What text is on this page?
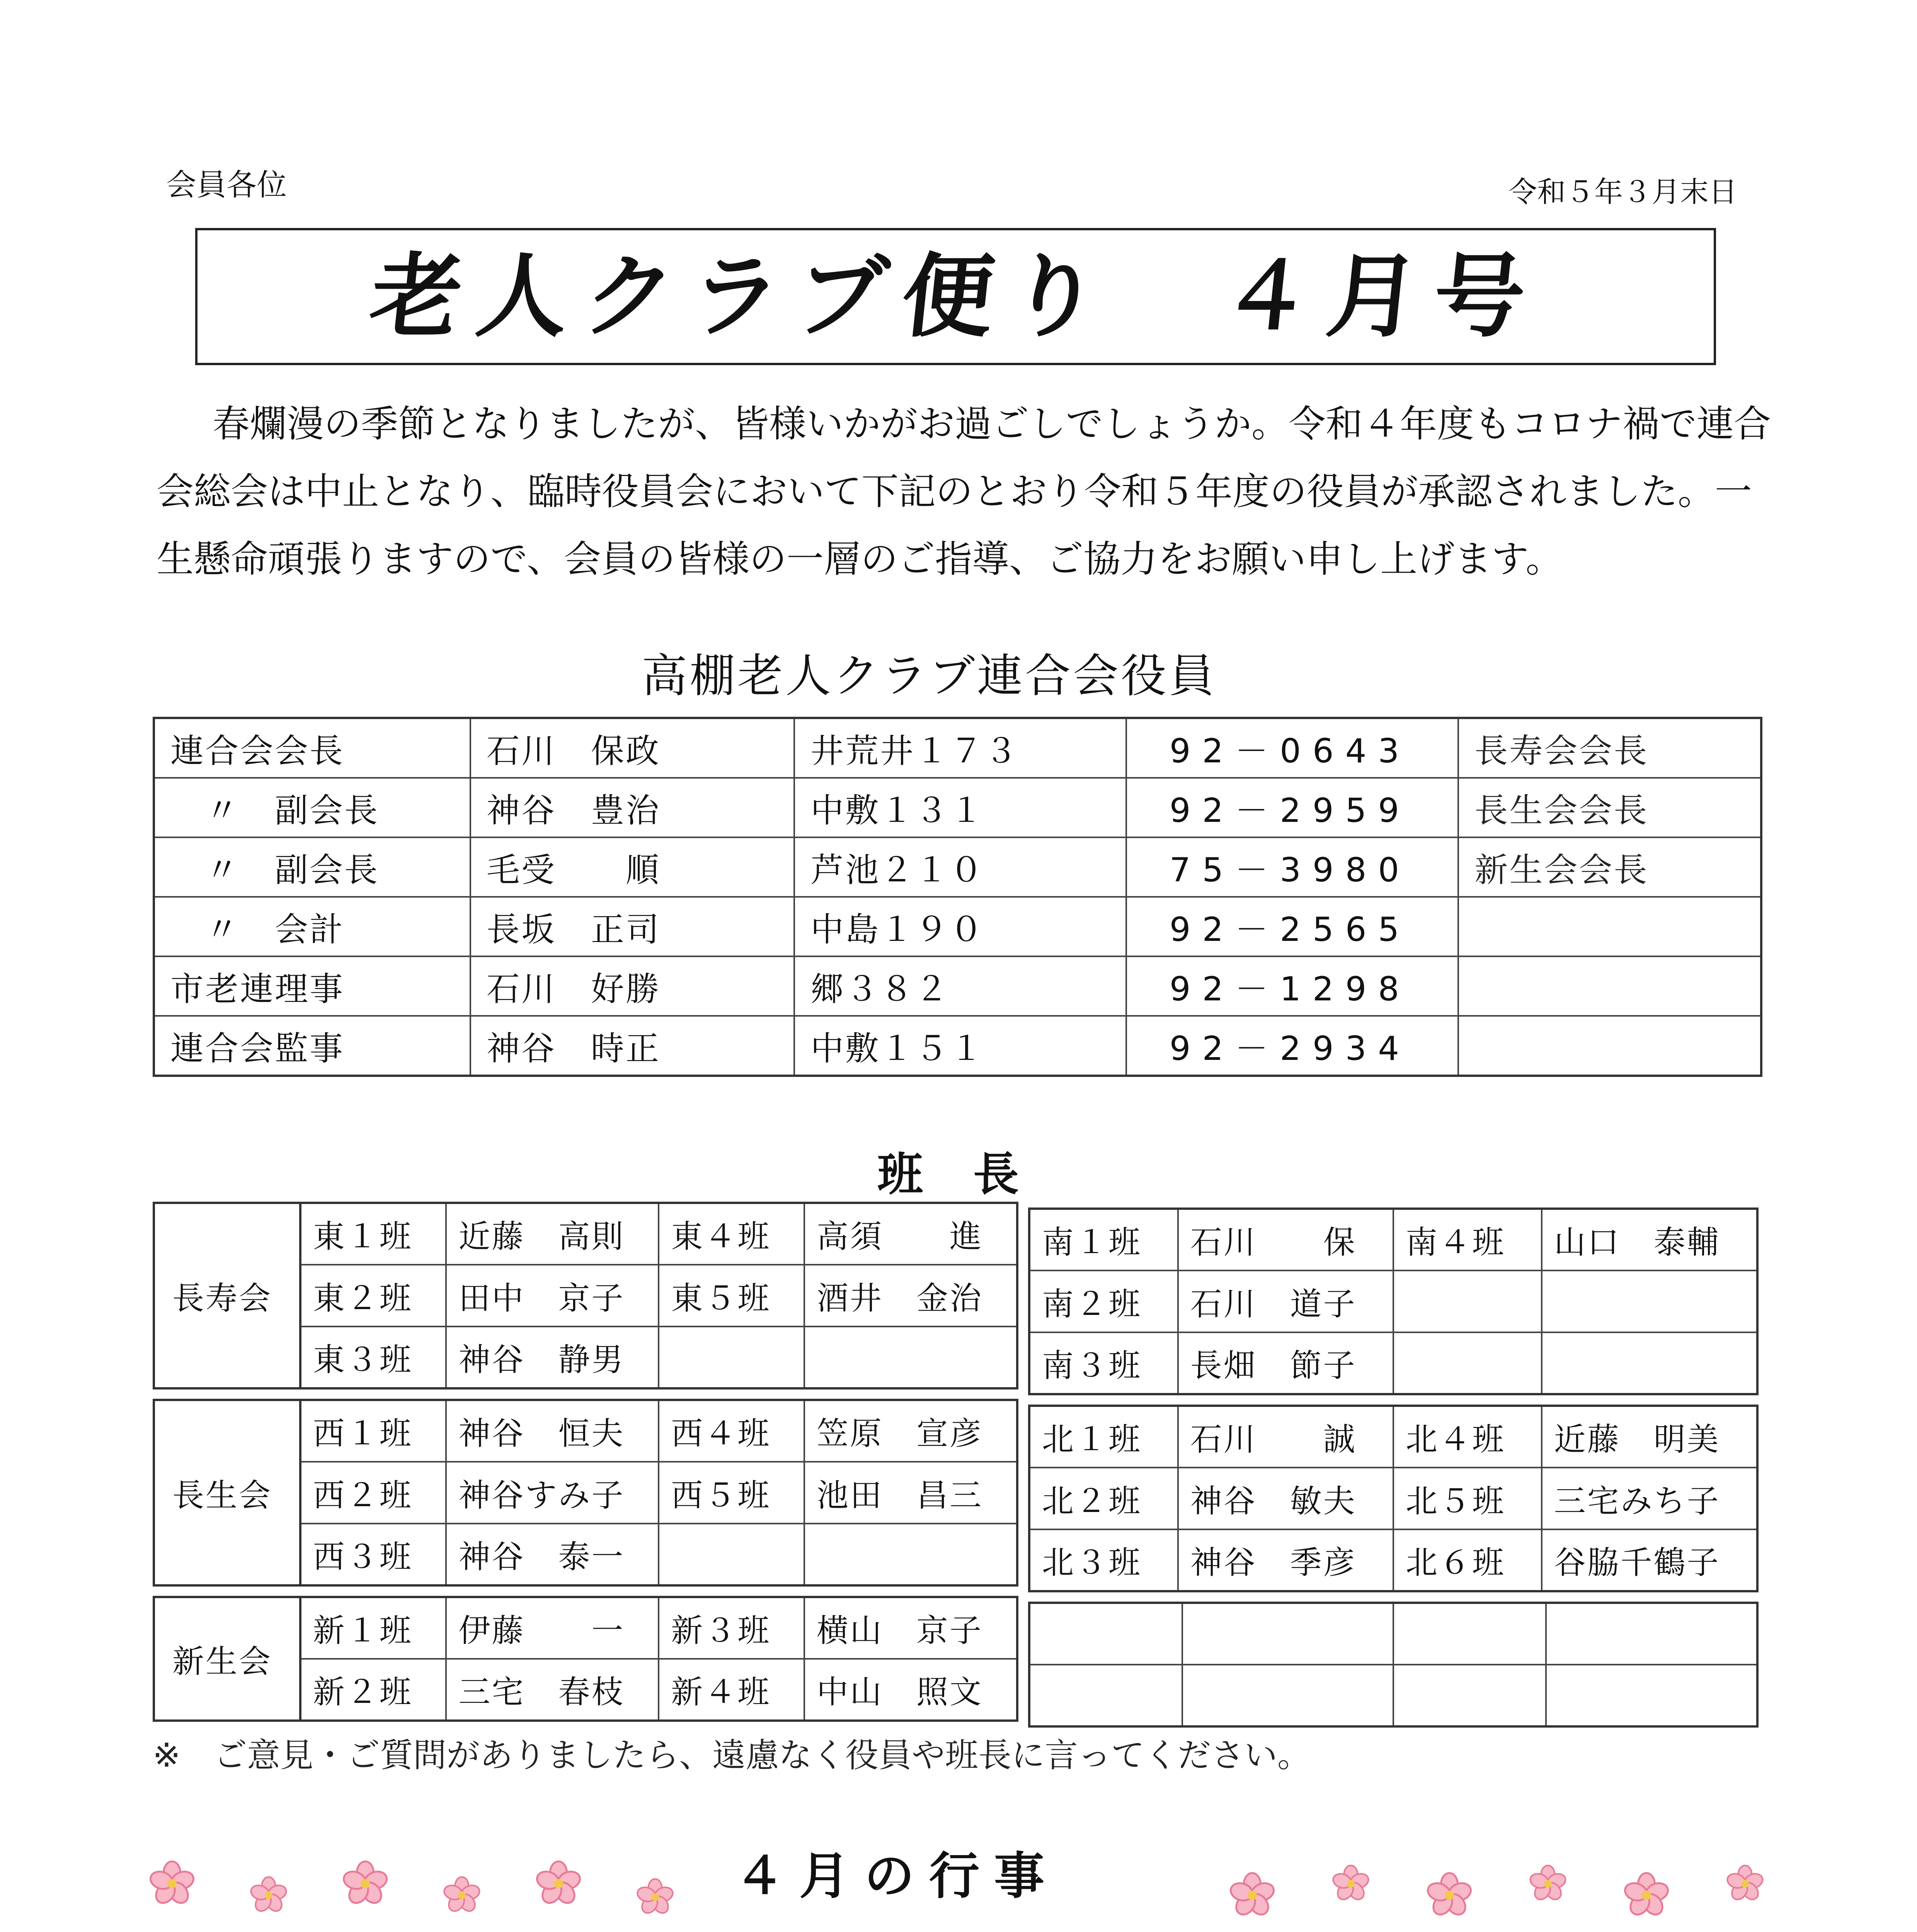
会員各位	令和５年３月末日
老人クラブ便り　４月号

春爛漫の季節となりましたが、皆様いかがお過ごしでしょうか。令和４年度もコロナ禍で連合会総会は中止となり、臨時役員会において下記のとおり令和５年度の役員が承認されました。一生懸命頑張りますので、会員の皆様の一層のご指導、ご協力をお願い申し上げます。

高棚老人クラブ連合会役員
連合会会長	石川　保政	井荒井１７３	92－0643	長寿会会長
〃　副会長	神谷　豊治	中敷１３１	92－2959	長生会会長
〃　副会長	毛受　　順	芦池２１０	75－3980	新生会会長
〃　会計	長坂　正司	中島１９０	92－2565	
市老連理事	石川　好勝	郷３８２	92－1298	
連合会監事	神谷　時正	中敷１５１	92－2934	
班　長
長寿会	東１班	近藤　高則	東４班	高須　　進
	東２班	田中　京子	東５班	酒井　金治
	東３班	神谷　静男		
長生会	西１班	神谷　恒夫	西４班	笠原　宣彦
	西２班	神谷すみ子	西５班	池田　昌三
	西３班	神谷　泰一		
新生会	新１班	伊藤　　一	新３班	横山　京子
	新２班	三宅　春枝	新４班	中山　照文
南１班	石川　　保	南４班	山口　泰輔
南２班	石川　道子		
南３班	長畑　節子		
北１班	石川　　誠	北４班	近藤　明美
北２班	神谷　敏夫	北５班	三宅みち子
北３班	神谷　季彦	北６班	谷脇千鶴子

※　ご意見・ご質問がありましたら、遠慮なく役員や班長に言ってください。
４月の行事
